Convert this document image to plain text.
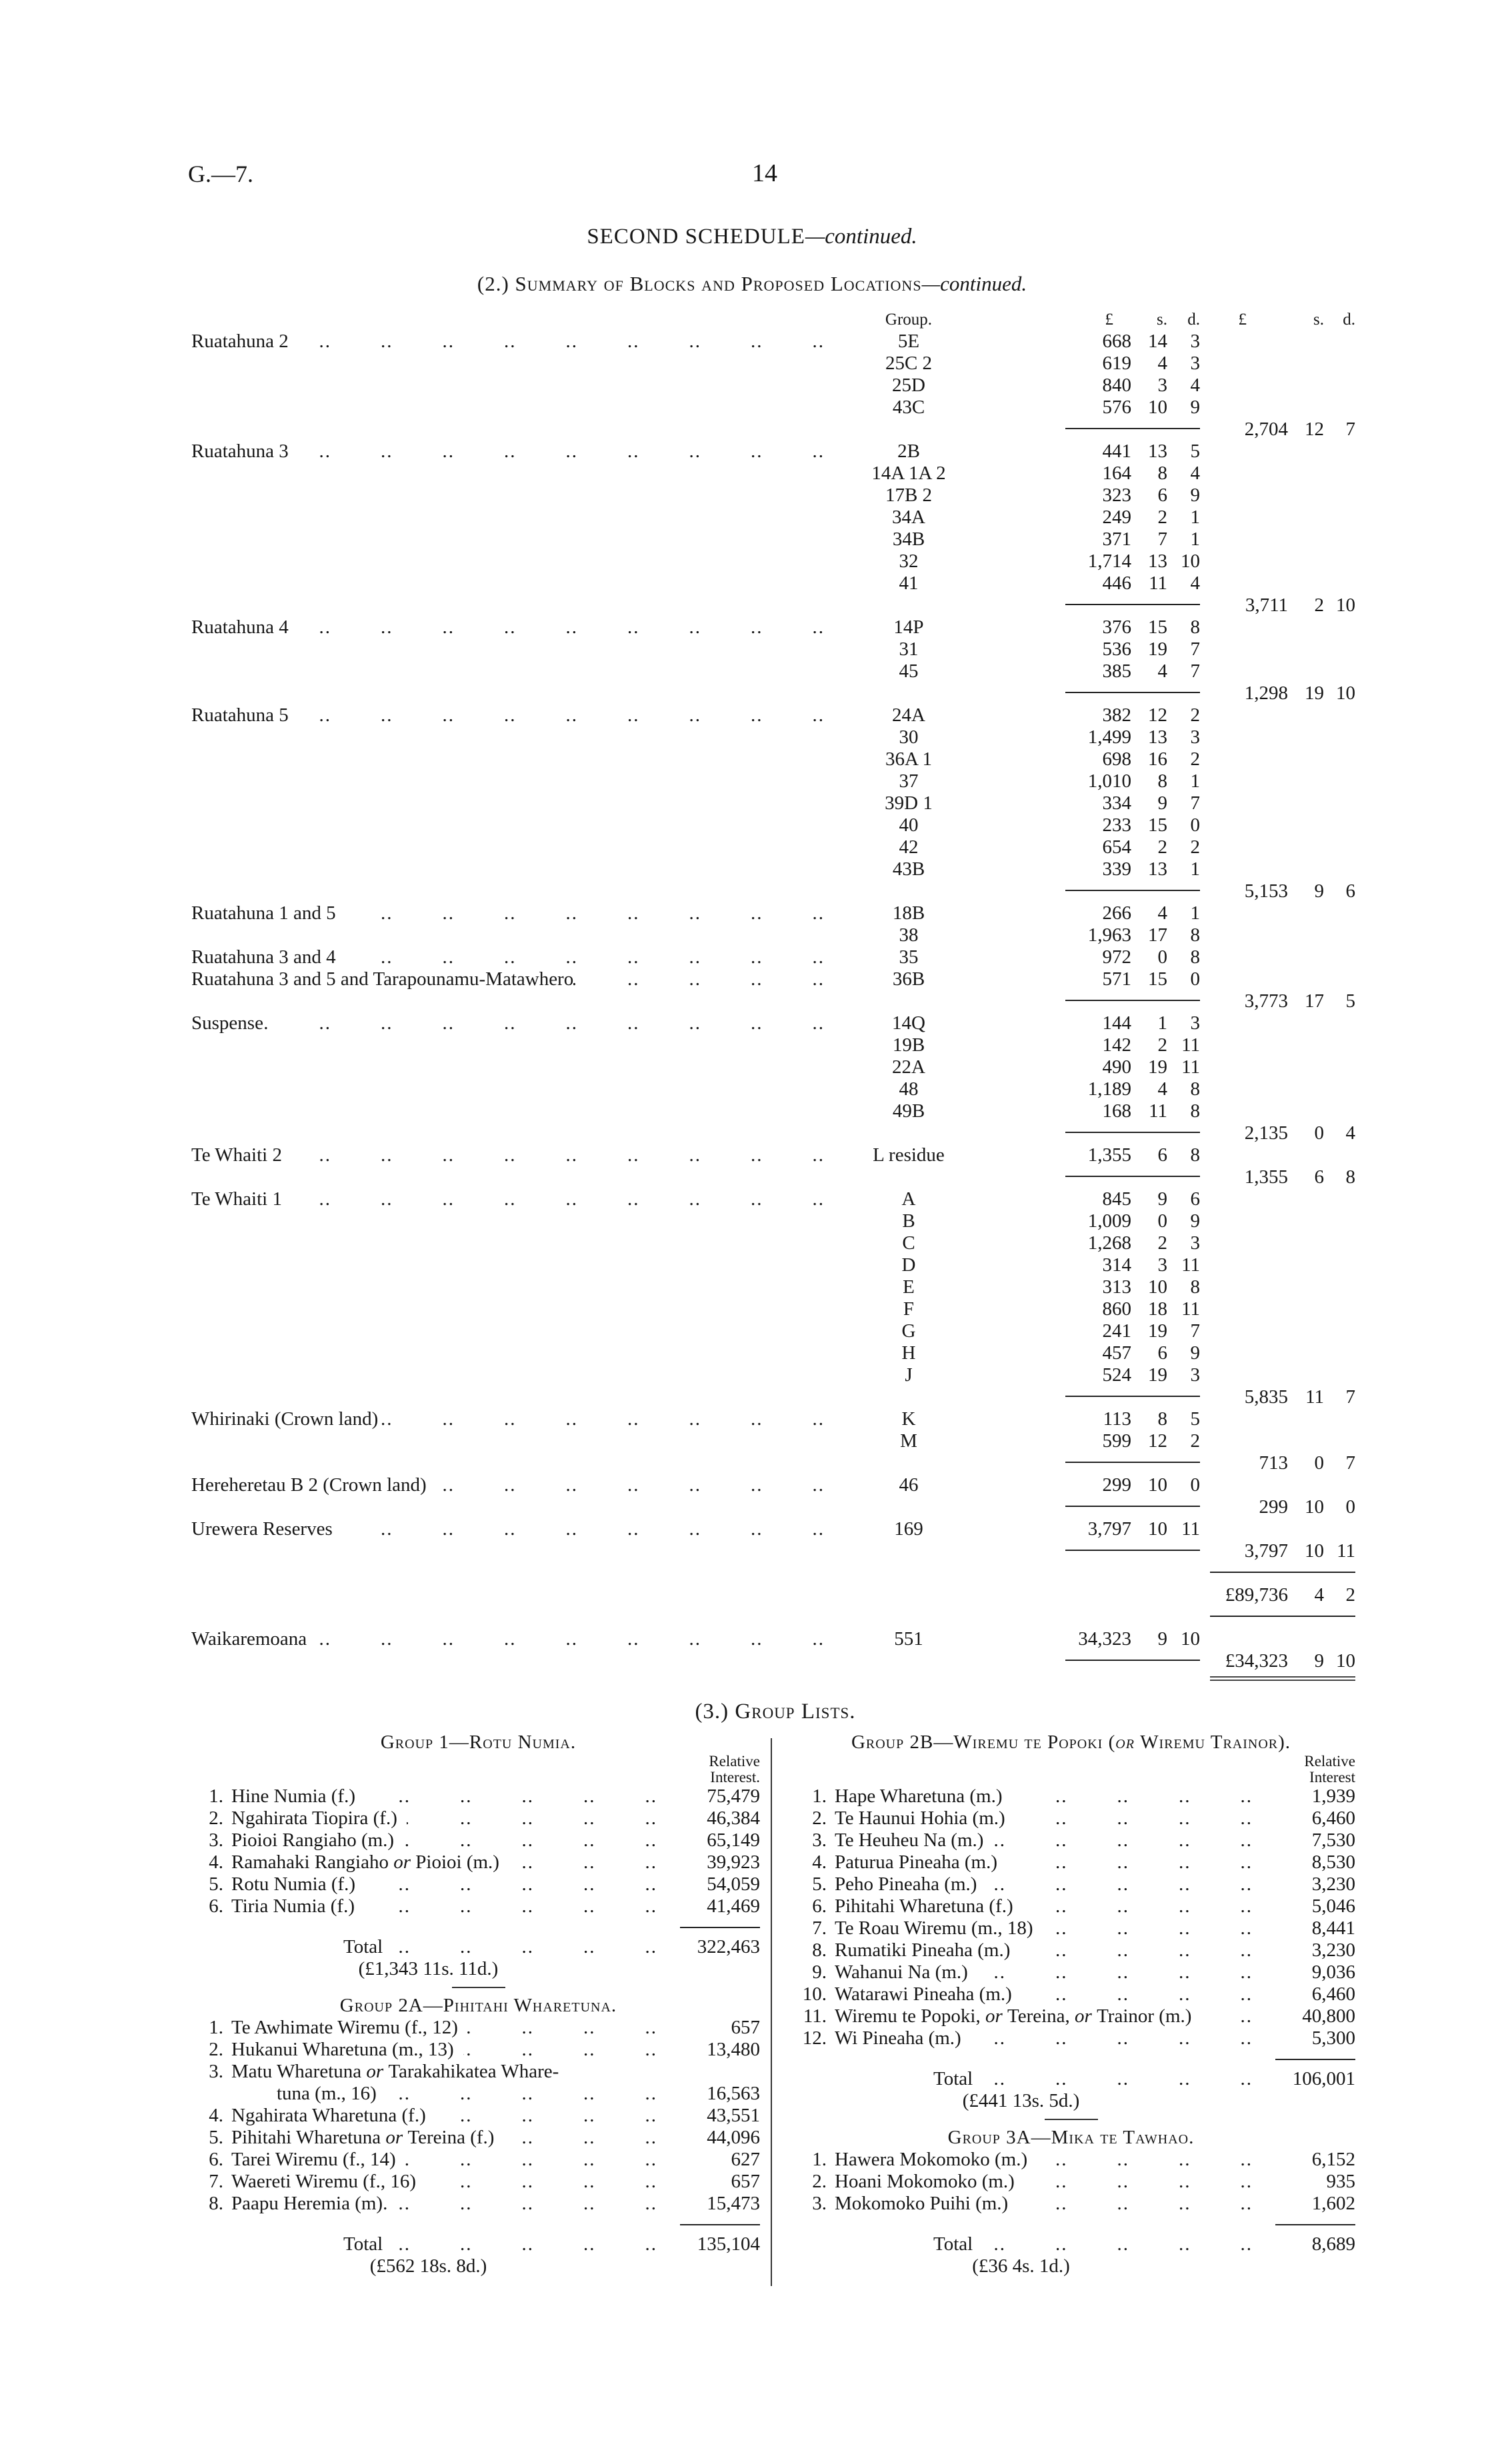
G.—7.	14
SECOND SCHEDULE—continued.
(2.) Summary of Blocks and Proposed Locations—continued.
Group.	£	s. d. £	s. d.
Ruatahuna 2 ..	5E	668 14 3
25C 2	619 4 3
25D	840 3 4
43C	576 10 9
2,704 12 7
Ruatahuna 3 ..	2B	441 13 5
14A 1A 2	164 8 4
17B 2	323 6 9
34A	249 2 1
34B	371 7 1
32	1,714 13 10
41	446 11 4
3,711 2 10
Ruatahuna 4 ..	14P	376 15 8
31	536 19 7
45	385 4 7
1,298 19 10
Ruatahuna 5 ..	24A	382 12 2
30	1,499 13 3
36A 1	698 16 2
37	1,010 8 1
39D 1	334 9 7
40	233 15 0
42	654 2 2
43B	339 13 1
5,153 9 6
Ruatahuna 1 and 5 ..	18B	266 4 1
38	1,963 17 8
Ruatahuna 3 and 4 ..	35	972 0 8
Ruatahuna 3 and 5 and Tarapounamu-Matawhero ..	36B	571 15 0
3,773 17 5
Suspense ..	14Q	144 1 3
19B	142 2 11
22A	490 19 11
48	1,189 4 8
49B	168 11 8
2,135 0 4
Te Whaiti 2 ..	L residue	1,355 6 8
1,355 6 8
Te Whaiti 1 ..	A	845 9 6
B	1,009 0 9
C	1,268 2 3
D	314 3 11
E	313 10 8
F	860 18 11
G	241 19 7
H	457 6 9
J	524 19 3
5,835 11 7
Whirinaki (Crown land) ..	K	113 8 5
M	599 12 2
713 0 7
Hereheretau B 2 (Crown land) ..	46	299 10 0
299 10 0
Urewera Reserves ..	169	3,797 10 11
3,797 10 11
£89,736 4 2
Waikaremoana ..	551	34,323 9 10
£34,323 9 10
(3.) Group Lists.
Group 1—Rotu Numia.
Relative
Interest.
1. Hine Numia (f.) ..	75,479
2. Ngahirata Tiopira (f.) ..	46,384
3. Pioioi Rangiaho (m.) ..	65,149
4. Ramahaki Rangiaho or Pioioi (m.) ..	39,923
5. Rotu Numia (f.) ..	54,059
6. Tiria Numia (f.) ..	41,469
Total ..	322,463
(£1,343 11s. 11d.)
Group 2A—Pihitahi Wharetuna.
1. Te Awhimate Wiremu (f., 12) ..	657
2. Hukanui Wharetuna (m., 13) ..	13,480
3. Matu Wharetuna or Tarakahikatea Whare-
tuna (m., 16) ..	16,563
4. Ngahirata Wharetuna (f.) ..	43,551
5. Pihitahi Wharetuna or Tereina (f.) ..	44,096
6. Tarei Wiremu (f., 14) ..	627
7. Waereti Wiremu (f., 16) ..	657
8. Paapu Heremia (m). ..	15,473
Total ..	135,104
(£562 18s. 8d.)
Group 2B—Wiremu te Popoki (or Wiremu Trainor).
Relative
Interest
1. Hape Wharetuna (m.) ..	1,939
2. Te Haunui Hohia (m.) ..	6,460
3. Te Heuheu Na (m.) ..	7,530
4. Paturua Pineaha (m.) ..	8,530
5. Peho Pineaha (m.) ..	3,230
6. Pihitahi Wharetuna (f.) ..	5,046
7. Te Roau Wiremu (m., 18) ..	8,441
8. Rumatiki Pineaha (m.) ..	3,230
9. Wahanui Na (m.) ..	9,036
10. Watarawi Pineaha (m.) ..	6,460
11. Wiremu te Popoki, or Tereina, or Trainor (m.) ..	40,800
12. Wi Pineaha (m.) ..	5,300
Total ..	106,001
(£441 13s. 5d.)
Group 3A—Mika te Tawhao.
1. Hawera Mokomoko (m.) ..	6,152
2. Hoani Mokomoko (m.) ..	935
3. Mokomoko Puihi (m.) ..	1,602
Total ..	8,689
(£36 4s. 1d.)
